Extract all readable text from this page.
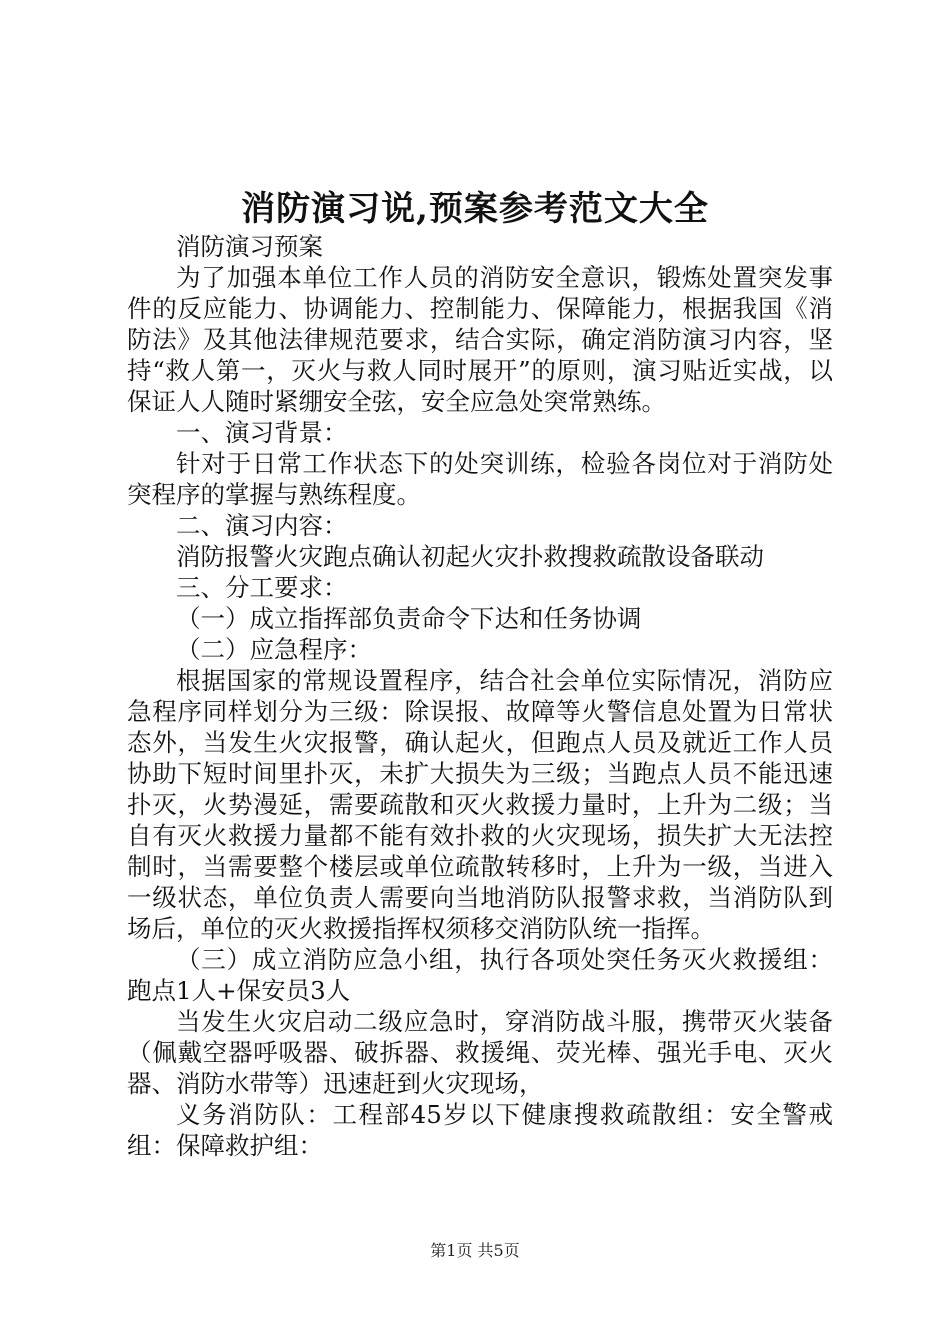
消防演习说,预案参考范文大全

消防演习预案

为了加强本单位工作人员的消防安全意识，锻炼处置突发事件的反应能力、协调能力、控制能力、保障能力，根据我国《消防法》及其他法律规范要求，结合实际，确定消防演习内容，坚持“救人第一，灭火与救人同时展开”的原则，演习贴近实战，以保证人人随时紧绷安全弦，安全应急处突常熟练。

一、演习背景：

针对于日常工作状态下的处突训练，检验各岗位对于消防处突程序的掌握与熟练程度。

二、演习内容：

消防报警火灾跑点确认初起火灾扑救搜救疏散设备联动

三、分工要求：

（一）成立指挥部负责命令下达和任务协调

（二）应急程序：

根据国家的常规设置程序，结合社会单位实际情况，消防应急程序同样划分为三级：除误报、故障等火警信息处置为日常状态外，当发生火灾报警，确认起火，但跑点人员及就近工作人员协助下短时间里扑灭，未扩大损失为三级；当跑点人员不能迅速扑灭，火势漫延，需要疏散和灭火救援力量时，上升为二级；当自有灭火救援力量都不能有效扑救的火灾现场，损失扩大无法控制时，当需要整个楼层或单位疏散转移时，上升为一级，当进入一级状态，单位负责人需要向当地消防队报警求救，当消防队到场后，单位的灭火救援指挥权须移交消防队统一指挥。

（三）成立消防应急小组，执行各项处突任务灭火救援组：跑点1人+保安员3人

当发生火灾启动二级应急时，穿消防战斗服，携带灭火装备（佩戴空器呼吸器、破拆器、救援绳、荧光棒、强光手电、灭火器、消防水带等）迅速赶到火灾现场，

义务消防队：工程部45岁以下健康搜救疏散组：安全警戒组：保障救护组：

第1页 共5页
